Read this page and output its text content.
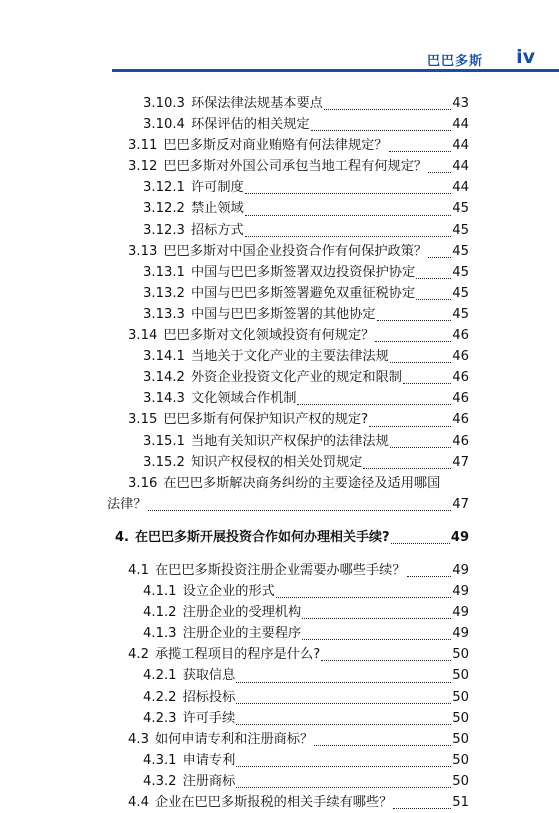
巴巴多斯 iv
3.10.3 环保法律法规基本要点	43
3.10.4 环保评估的相关规定	44
3.11 巴巴多斯反对商业贿赂有何法律规定？	44
3.12 巴巴多斯对外国公司承包当地工程有何规定？ 44
3.12.1 许可制度	44
3.12.2 禁止领域	45
3.12.3 招标方式	45
3.13 巴巴多斯对中国企业投资合作有何保护政策？ 45
3.13.1 中国与巴巴多斯签署双边投资保护协定	45
3.13.2 中国与巴巴多斯签署避免双重征税协定	45
3.13.3 中国与巴巴多斯签署的其他协定	45
3.14 巴巴多斯对文化领域投资有何规定？	46
3.14.1 当地关于文化产业的主要法律法规	46
3.14.2 外资企业投资文化产业的规定和限制	46
3.14.3 文化领域合作机制	46
3.15 巴巴多斯有何保护知识产权的规定?	46
3.15.1 当地有关知识产权保护的法律法规	46
3.15.2 知识产权侵权的相关处罚规定	47
3.16 在巴巴多斯解决商务纠纷的主要途径及适用哪国
法律？	47
4. 在巴巴多斯开展投资合作如何办理相关手续?	49
4.1 在巴巴多斯投资注册企业需要办哪些手续？	49
4.1.1 设立企业的形式	49
4.1.2 注册企业的受理机构	49
4.1.3 注册企业的主要程序	49
4.2 承揽工程项目的程序是什么?	50
4.2.1 获取信息	50
4.2.2 招标投标	50
4.2.3 许可手续	50
4.3 如何申请专利和注册商标？	50
4.3.1 申请专利	50
4.3.2 注册商标	50
4.4 企业在巴巴多斯报税的相关手续有哪些？	51
